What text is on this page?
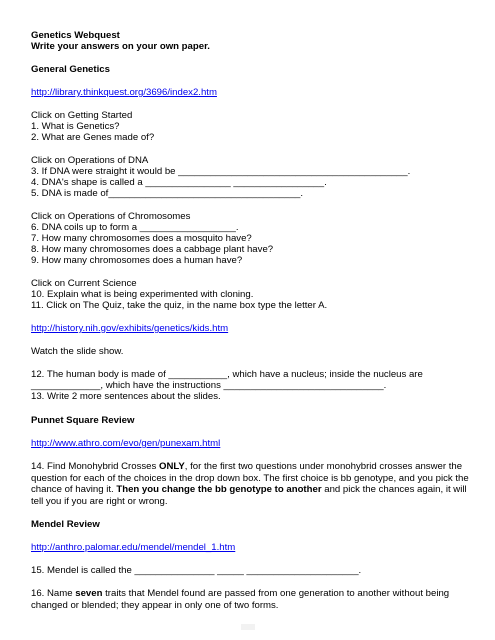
Genetics Webquest
Write your answers on your own paper.
General Genetics
http://library.thinkquest.org/3696/index2.htm
Click on Getting Started
1. What is Genetics?
2. What are Genes made of?
Click on Operations of DNA
3. If DNA were straight it would be ___________________________________________.
4. DNA's shape is called a ________________ _________________.
5. DNA is made of____________________________________.
Click on Operations of Chromosomes
6. DNA coils up to form a __________________.
7. How many chromosomes does a mosquito have?
8. How many chromosomes does a cabbage plant have?
9. How many chromosomes does a human have?
Click on Current Science
10. Explain what is being experimented with cloning.
11. Click on The Quiz, take the quiz, in the name box type the letter A.
http://history.nih.gov/exhibits/genetics/kids.htm
Watch the slide show.
12. The human body is made of ___________, which have a nucleus; inside the nucleus are
_____________, which have the instructions ______________________________.
13. Write 2 more sentences about the slides.
Punnet Square Review
http://www.athro.com/evo/gen/punexam.html
14. Find Monohybrid Crosses ONLY, for the first two questions under monohybrid crosses answer the question for each of the choices in the drop down box. The first choice is bb genotype, and you pick the chance of having it. Then you change the bb genotype to another and pick the chances again, it will tell you if you are right or wrong.
Mendel Review
http://anthro.palomar.edu/mendel/mendel_1.htm
15. Mendel is called the _______________ _____ _____________________.
16. Name seven traits that Mendel found are passed from one generation to another without being changed or blended; they appear in only one of two forms.
